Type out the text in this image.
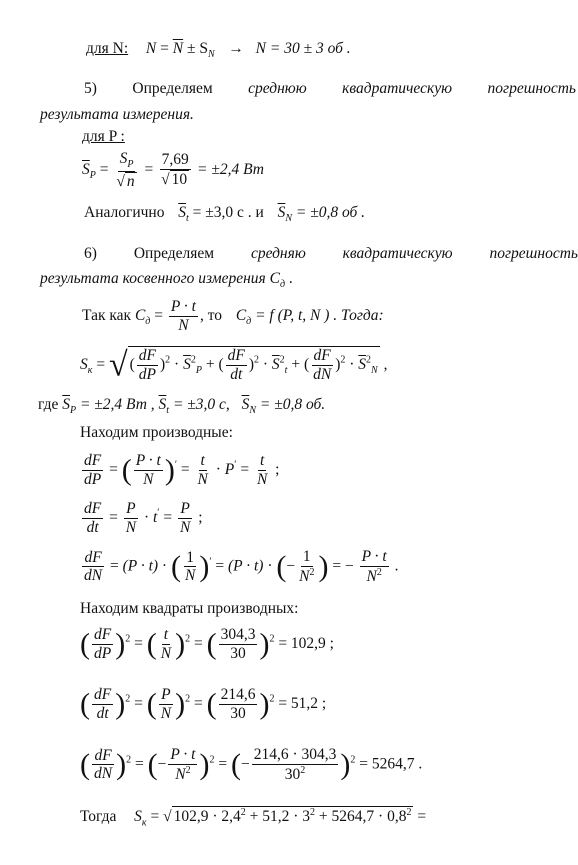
для N: $N = \overline{N} \pm S_N \to N = 30 \pm 3$ об .
5) Определяем среднюю квадратическую погрешность
результата измерения.
для P :
$\overline{S}_P = \frac{S_P}{√ n} = \frac{7,69}{√ 10} = \pm 2,4$ Вт
Аналогично $\overline{S}_t = \pm 3,0$ с . и $\overline{S}_N = \pm 0,8$ об .
6) Определяем средняю квадратическую погрешность
результата косвенного измерения $C_д$ .
Так как $C_д = \frac{P \cdot t}{N}$ , то $C_д = f$ (P, t, N ) . Тогда:
$S_к$ = √( $\frac{dF}{dP} )^2 \cdot \overline{S}^2_P$ + ( $\frac{dF}{dt} )^2 \cdot \overline{S}^2_t$ + ( $\frac{dF}{dN} )^2 \cdot \overline{S}^2_N$ ,
где $\overline{S}_P = \pm 2,4$ Вт , $\overline{S}_t = \pm 3,0$ с, $\overline{S}_N = \pm 0,8$ об.
Находим производные:
$\frac{dF}{dP}$ = ( $\frac{P \cdot t}{N} )' = \frac{t}{N} \cdot P' = \frac{t}{N}$ ;
$\frac{dF}{dt} = \frac{P}{N} \cdot t' = \frac{P}{N}$ ;
$\frac{dF}{dN} = (P \cdot t)$ · ( $\frac{1}{N} )' = (P \cdot t)$ · (− $\frac{1}{N^2}$ ) = − $\frac{P \cdot t}{N^2}$ .
Находим квадраты производных:
( $\frac{dF}{dP} )^2$ = ( $\frac{t}{N} )^2$ = ( $\frac{304,3}{30} )^2 = 102,9$ ;
( $\frac{dF}{dt} )^2$ = ( $\frac{P}{N} )^2$ = ( $\frac{214,6}{30} )^2 = 51,2$ ;
( $\frac{dF}{dN} )^2$ = (− $\frac{P \cdot t}{N^2} )^2$ = (− $\frac{214,6 \cdot 304,3}{30^2} )^2 = 5264,7$ .
Тогда $S_к$ = √ $102,9 \cdot 2,4^2 + 51,2 \cdot 3^2 + 5264,7 \cdot 0,8^2$ =
